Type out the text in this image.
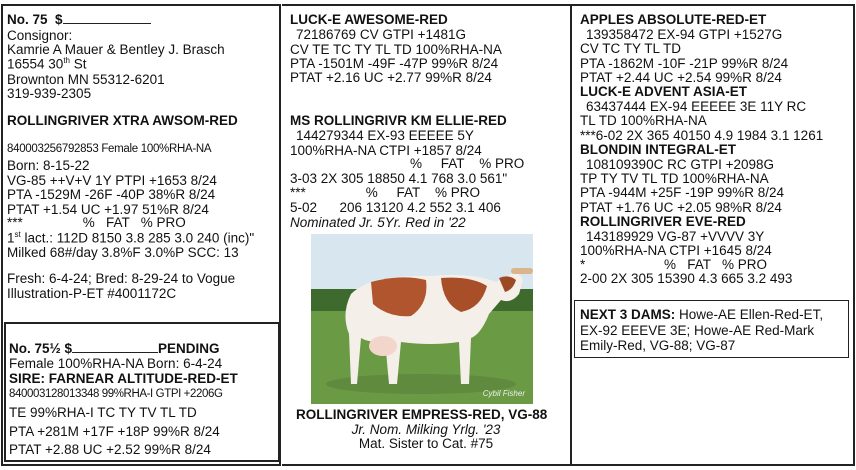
No. 75 $
Consignor:
Kamrie A Mauer & Bentley J. Brasch
16554 30th St
Brownton MN 55312-6201
319-939-2305
ROLLINGRIVER XTRA AWSOM-RED
840003256792853 Female 100%RHA-NA
Born: 8-15-22
VG-85 ++V+V 1Y PTPI +1653 8/24
PTA -1529M -26F -40P 38%R 8/24
PTAT +1.54 UC +1.97 51%R 8/24
***                %   FAT   % PRO
1st lact.: 112D 8150 3.8 285 3.0 240 (inc)"
Milked 68#/day 3.8%F 3.0%P SCC: 13
Fresh: 6-4-24; Bred: 8-29-24 to Vogue
Illustration-P-ET #4001172C
No. 75½ $	PENDING
Female 100%RHA-NA Born: 6-4-24
SIRE: FARNEAR ALTITUDE-RED-ET
840003128013348 99%RHA-I GTPI +2206G
TE 99%RHA-I TC TY TV TL TD
PTA +281M +17F +18P 99%R 8/24
PTAT +2.88 UC +2.52 99%R 8/24
LUCK-E AWESOME-RED
72186769 CV GTPI +1481G
CV TE TC TY TL TD 100%RHA-NA
PTA -1501M -49F -47P 99%R 8/24
PTAT +2.16 UC +2.77 99%R 8/24
MS ROLLINGRIVR KM ELLIE-RED
144279344 EX-93 EEEEE 5Y
100%RHA-NA CTPI +1857 8/24
%     FAT    % PRO
3-03 2X 305 18850 4.1 768 3.0 561"
***                %     FAT    % PRO
5-02      206 13120 4.2 552 3.1 406
Nominated Jr. 5Yr. Red in '22
Cybil Fisher
ROLLINGRIVER EMPRESS-RED, VG-88
Jr. Nom. Milking Yrlg. '23
Mat. Sister to Cat. #75
APPLES ABSOLUTE-RED-ET
139358472 EX-94 GTPI +1527G
CV TC TY TL TD
PTA -1862M -10F -21P 99%R 8/24
PTAT +2.44 UC +2.54 99%R 8/24
LUCK-E ADVENT ASIA-ET
63437444 EX-94 EEEEE 3E 11Y RC
TL TD 100%RHA-NA
***6-02 2X 365 40150 4.9 1984 3.1 1261
BLONDIN INTEGRAL-ET
108109390C RC GTPI +2098G
TP TY TV TL TD 100%RHA-NA
PTA -944M +25F -19P 99%R 8/24
PTAT +1.76 UC +2.05 98%R 8/24
ROLLINGRIVER EVE-RED
143189929 VG-87 +VVVV 3Y
100%RHA-NA CTPI +1645 8/24
*                     %   FAT   % PRO
2-00 2X 305 15390 4.3 665 3.2 493
NEXT 3 DAMS: Howe-AE Ellen-Red-ET,
EX-92 EEEVE 3E; Howe-AE Red-Mark
Emily-Red, VG-88; VG-87
